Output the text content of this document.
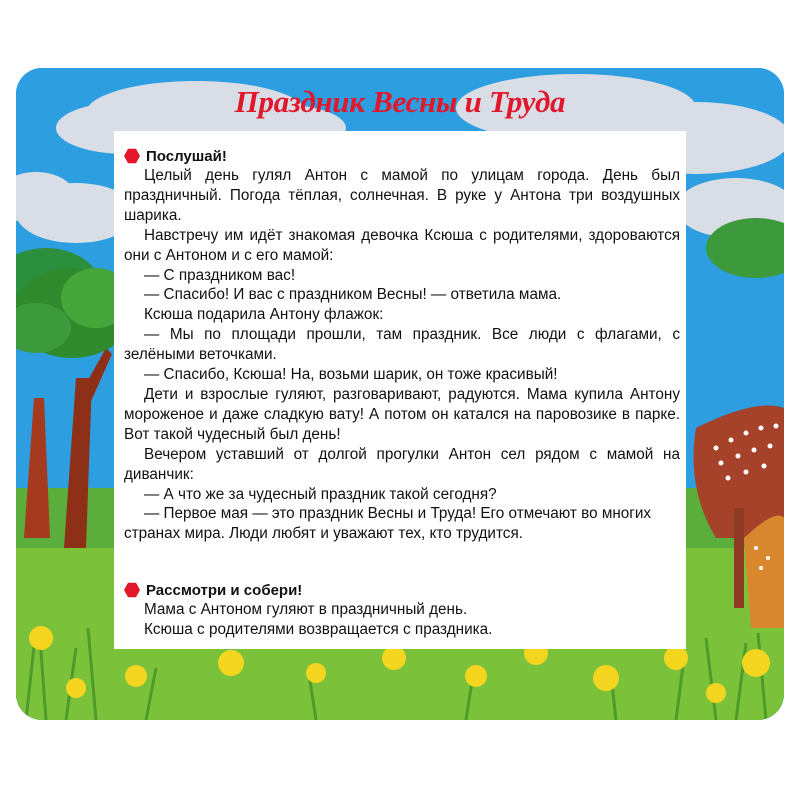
Праздник Весны и Труда
Послушай!

Целый день гулял Антон с мамой по улицам города. День был праздничный. Погода тёплая, солнечная. В руке у Антона три воздушных шарика.

Навстречу им идёт знакомая девочка Ксюша с родителями, здороваются они с Антоном и с его мамой:

— С праздником вас!

— Спасибо! И вас с праздником Весны! — ответила мама.

Ксюша подарила Антону флажок:

— Мы по площади прошли, там праздник. Все люди с флагами, с зелёными веточками.

— Спасибо, Ксюша! На, возьми шарик, он тоже красивый!

Дети и взрослые гуляют, разговаривают, радуются. Мама купила Антону мороженое и даже сладкую вату! А потом он катался на паровозике в парке. Вот такой чудесный был день!

Вечером уставший от долгой прогулки Антон сел рядом с мамой на диванчик:

— А что же за чудесный праздник такой сегодня?

— Первое мая — это праздник Весны и Труда! Его отмечают во многих странах мира. Люди любят и уважают тех, кто трудится.

Рассмотри и собери!

Мама с Антоном гуляют в праздничный день.

Ксюша с родителями возвращается с праздника.
